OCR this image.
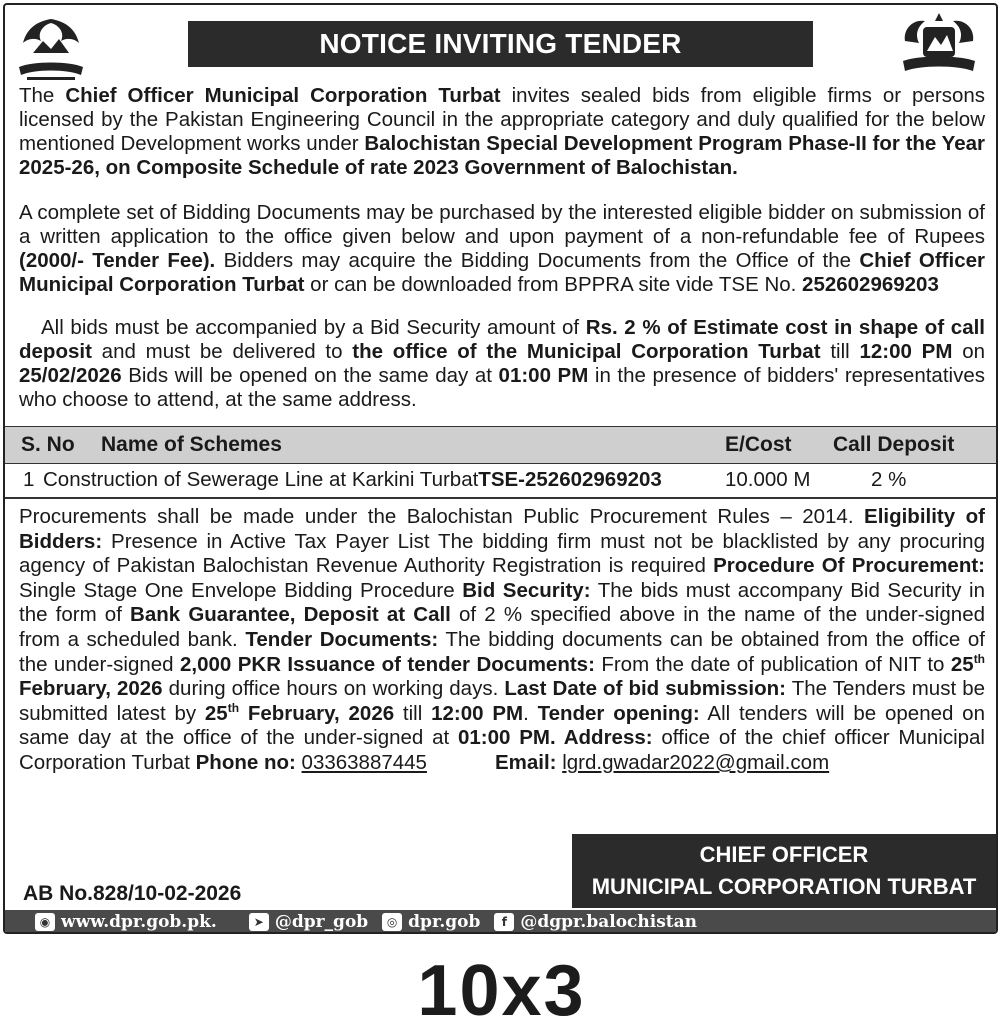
NOTICE INVITING TENDER
The Chief Officer Municipal Corporation Turbat invites sealed bids from eligible firms or persons licensed by the Pakistan Engineering Council in the appropriate category and duly qualified for the below mentioned Development works under Balochistan Special Development Program Phase-II for the Year 2025-26, on Composite Schedule of rate 2023 Government of Balochistan.
A complete set of Bidding Documents may be purchased by the interested eligible bidder on submission of a written application to the office given below and upon payment of a non-refundable fee of Rupees (2000/- Tender Fee). Bidders may acquire the Bidding Documents from the Office of the Chief Officer Municipal Corporation Turbat or can be downloaded from BPPRA site vide TSE No. 252602969203
All bids must be accompanied by a Bid Security amount of Rs. 2 % of Estimate cost in shape of call deposit and must be delivered to the office of the Municipal Corporation Turbat till 12:00 PM on 25/02/2026 Bids will be opened on the same day at 01:00 PM in the presence of bidders' representatives who choose to attend, at the same address.
S. No Name of Schemes	E/Cost Call Deposit
1 Construction of Sewerage Line at Karkini Turbat TSE-252602969203	10.000 M	2 %
Procurements shall be made under the Balochistan Public Procurement Rules – 2014. Eligibility of Bidders: Presence in Active Tax Payer List The bidding firm must not be blacklisted by any procuring agency of Pakistan Balochistan Revenue Authority Registration is required Procedure Of Procurement: Single Stage One Envelope Bidding Procedure Bid Security: The bids must accompany Bid Security in the form of Bank Guarantee, Deposit at Call of 2 % specified above in the name of the under-signed from a scheduled bank. Tender Documents: The bidding documents can be obtained from the office of the under-signed 2,000 PKR Issuance of tender Documents: From the date of publication of NIT to 25th February, 2026 during office hours on working days. Last Date of bid submission: The Tenders must be submitted latest by 25th February, 2026 till 12:00 PM. Tender opening: All tenders will be opened on same day at the office of the under-signed at 01:00 PM. Address: office of the chief officer Municipal Corporation Turbat Phone no: 03363887445	Email: lgrd.gwadar2022@gmail.com
AB No.828/10-02-2026
CHIEF OFFICER
MUNICIPAL CORPORATION TURBAT
◉ www.dpr.gob.pk.	➤ @dpr_gob	◎ dpr.gob	f @dgpr.balochistan
10x3
